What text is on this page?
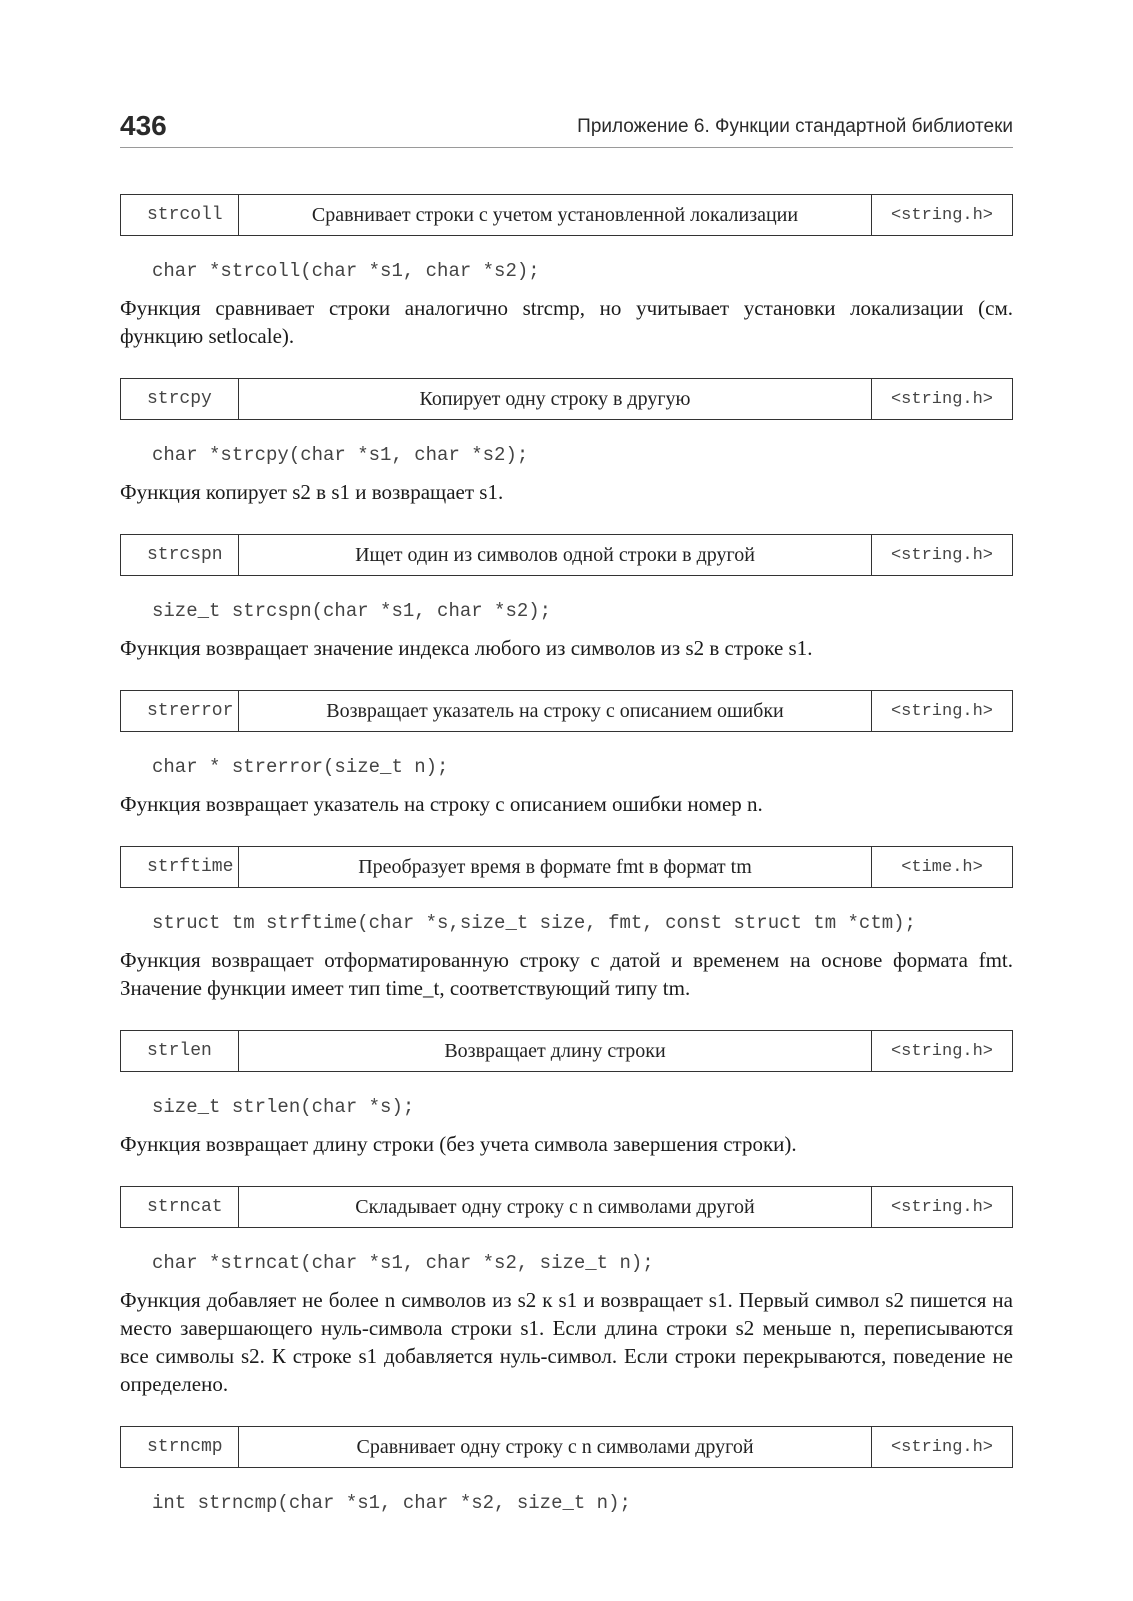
436	Приложение 6. Функции стандартной библиотеки
strcoll	Сравнивает строки с учетом установленной локализации	<string.h>
char *strcoll(char *s1, char *s2);
Функция сравнивает строки аналогично strcmp, но учитывает установки локализации (см. функцию setlocale).
strcpy	Копирует одну строку в другую	<string.h>
char *strcpy(char *s1, char *s2);
Функция копирует s2 в s1 и возвращает s1.
strcspn	Ищет один из символов одной строки в другой	<string.h>
size_t strcspn(char *s1, char *s2);
Функция возвращает значение индекса любого из символов из s2 в строке s1.
strerror	Возвращает указатель на строку с описанием ошибки	<string.h>
char * strerror(size_t n);
Функция возвращает указатель на строку с описанием ошибки номер n.
strftime	Преобразует время в формате fmt в формат tm	<time.h>
struct tm strftime(char *s,size_t size, fmt, const struct tm *ctm);
Функция возвращает отформатированную строку с датой и временем на основе формата fmt. Значение функции имеет тип time_t, соответствующий типу tm.
strlen	Возвращает длину строки	<string.h>
size_t strlen(char *s);
Функция возвращает длину строки (без учета символа завершения строки).
strncat	Складывает одну строку с n символами другой	<string.h>
char *strncat(char *s1, char *s2, size_t n);
Функция добавляет не более n символов из s2 к s1 и возвращает s1. Первый символ s2 пишется на место завершающего нуль-символа строки s1. Если длина строки s2 меньше n, переписываются все символы s2. К строке s1 добавляется нуль-символ. Если строки перекрываются, поведение не определено.
strncmp	Сравнивает одну строку с n символами другой	<string.h>
int strncmp(char *s1, char *s2, size_t n);
